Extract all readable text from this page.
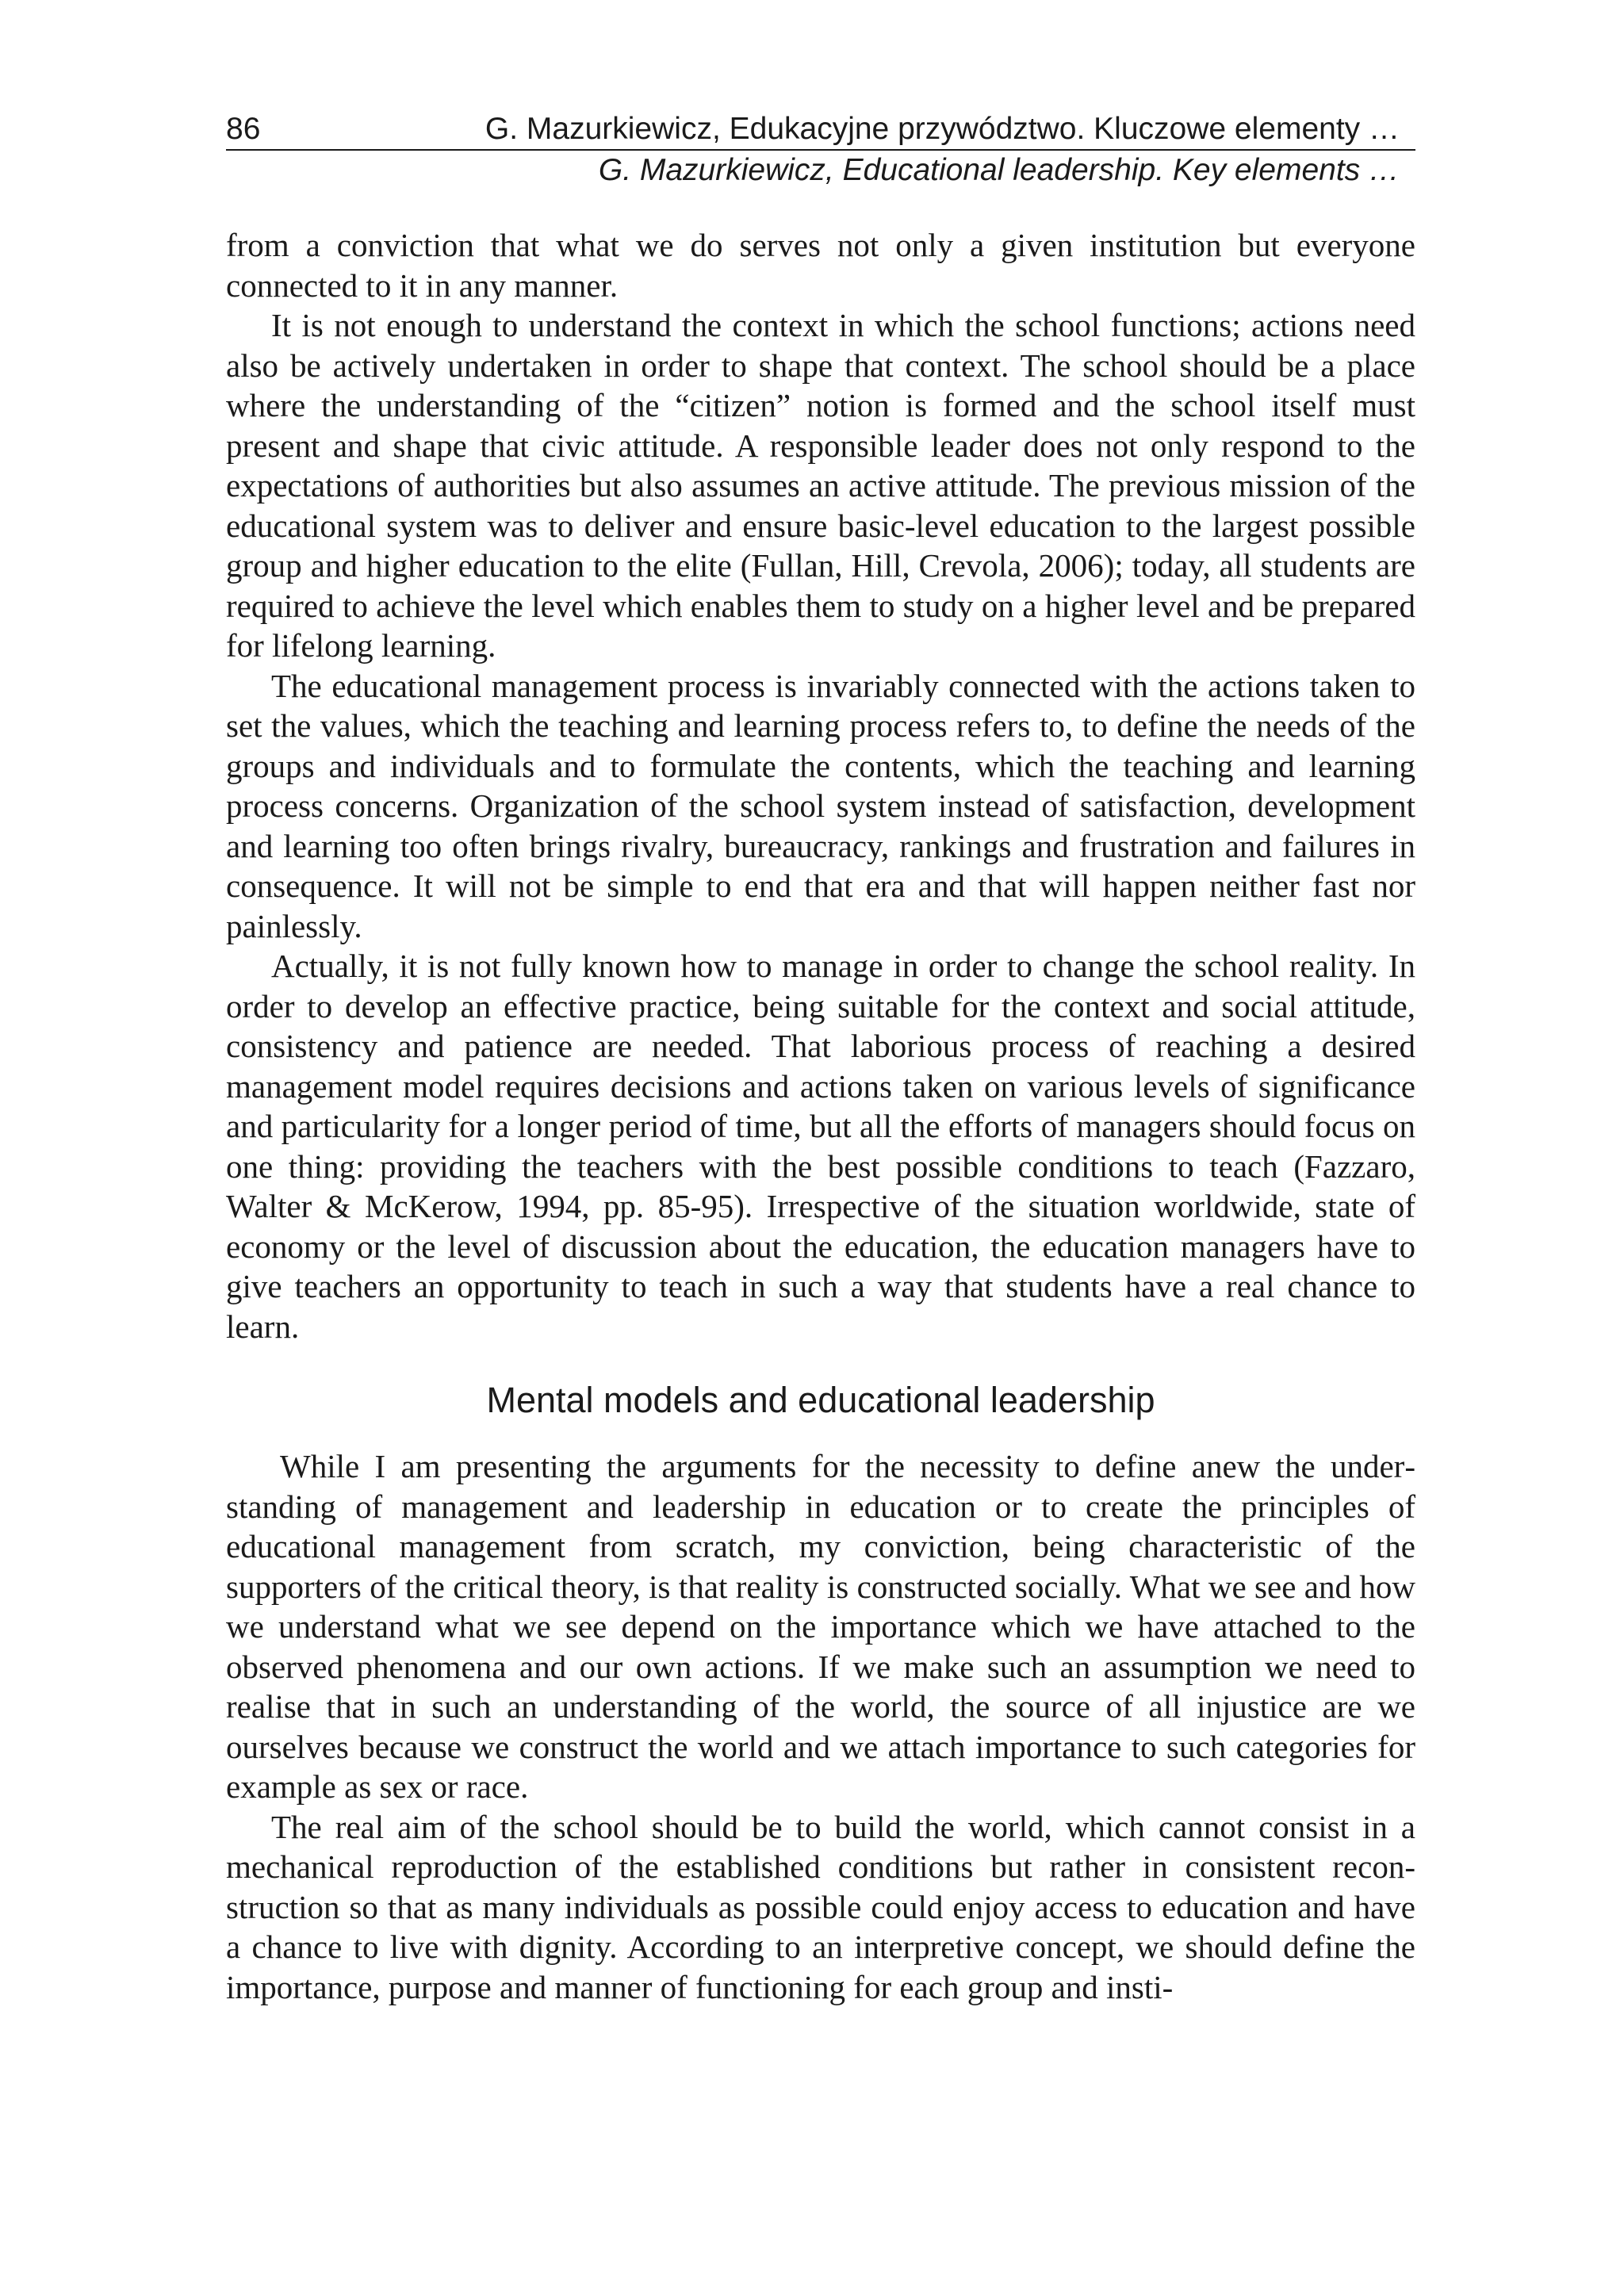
86	G. Mazurkiewicz, Edukacyjne przywództwo. Kluczowe elementy …
G. Mazurkiewicz, Educational leadership. Key elements …

from a conviction that what we do serves not only a given institution but everyone connected to it in any manner.

It is not enough to understand the context in which the school functions; actions need also be actively undertaken in order to shape that context. The school should be a place where the understanding of the “citizen” notion is formed and the school itself must present and shape that civic attitude. A responsible leader does not only respond to the expectations of authorities but also assumes an active attitude. The previous mission of the educational system was to deliver and ensure basic-level education to the largest possible group and higher education to the elite (Fullan, Hill, Crevola, 2006); today, all students are required to achieve the level which enables them to study on a higher level and be prepared for lifelong learning.

The educational management process is invariably connected with the actions taken to set the values, which the teaching and learning process refers to, to define the needs of the groups and individuals and to formulate the contents, which the teaching and learning process concerns. Organization of the school system instead of satisfaction, development and learning too often brings rivalry, bureaucracy, rankings and frustration and failures in consequence. It will not be simple to end that era and that will happen neither fast nor painlessly.

Actually, it is not fully known how to manage in order to change the school reality. In order to develop an effective practice, being suitable for the context and social attitude, consistency and patience are needed. That laborious process of reaching a desired management model requires decisions and actions taken on various levels of significance and particularity for a longer period of time, but all the efforts of managers should focus on one thing: providing the teachers with the best possible conditions to teach (Fazzaro, Walter & McKerow, 1994, pp. 85-95). Irrespective of the situation worldwide, state of economy or the level of discussion about the education, the education managers have to give teachers an opportunity to teach in such a way that students have a real chance to learn.

Mental models and educational leadership

While I am presenting the arguments for the necessity to define anew the understanding of management and leadership in education or to create the principles of educational management from scratch, my conviction, being characteristic of the supporters of the critical theory, is that reality is constructed socially. What we see and how we understand what we see depend on the importance which we have attached to the observed phenomena and our own actions. If we make such an assumption we need to realise that in such an understanding of the world, the source of all injustice are we ourselves because we construct the world and we attach importance to such categories for example as sex or race.

The real aim of the school should be to build the world, which cannot consist in a mechanical reproduction of the established conditions but rather in consistent reconstruction so that as many individuals as possible could enjoy access to education and have a chance to live with dignity. According to an interpretive concept, we should define the importance, purpose and manner of functioning for each group and insti-
